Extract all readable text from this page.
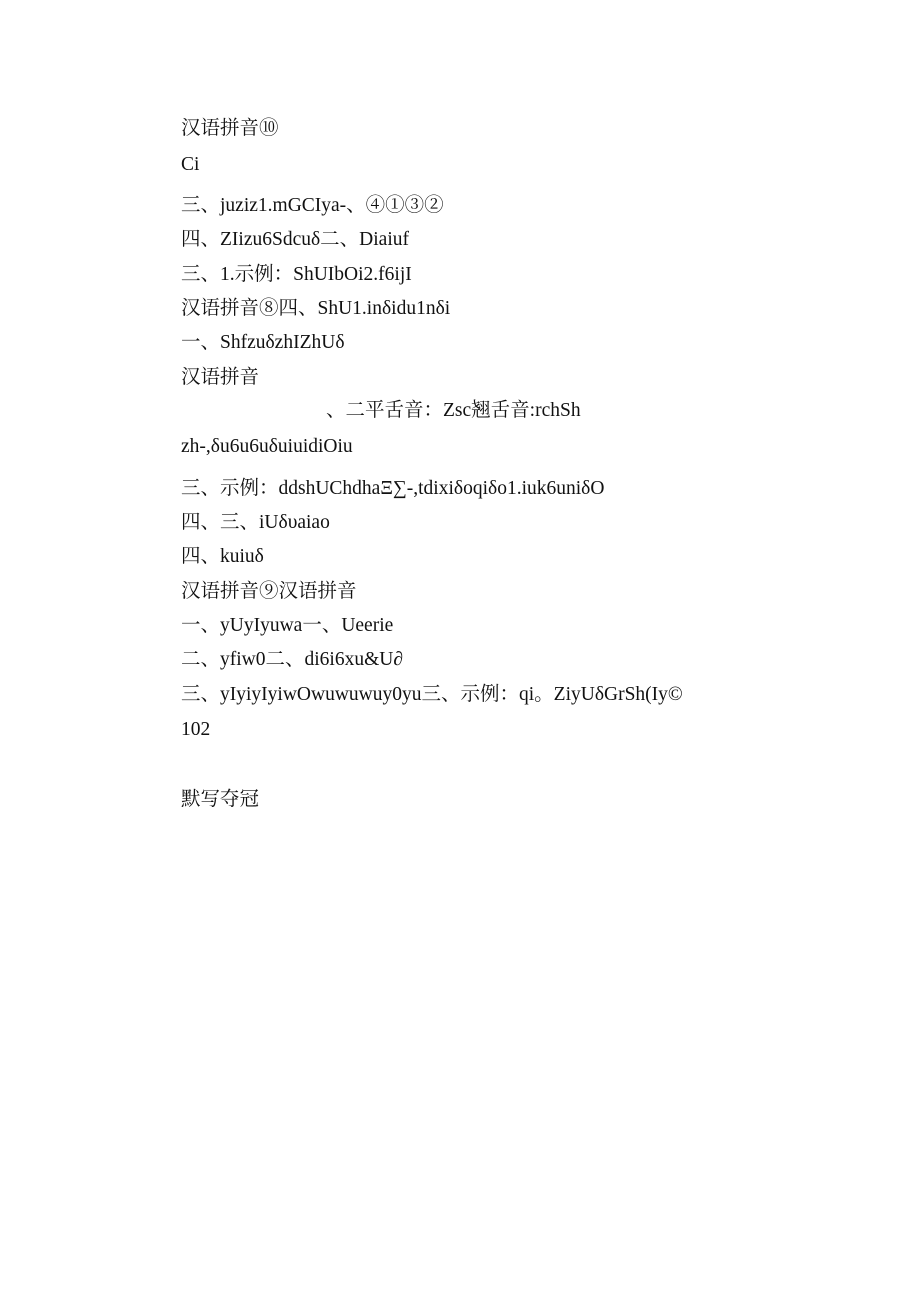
汉语拼音⑩
Ci
三、juziz1.mGCIya-、④①③②
四、ZIizu6Sdcuδ二、Diaiuf
三、1.示例：ShUIbOi2.f6ijI
汉语拼音⑧四、ShU1.inδidu1nδi
一、ShfzuδzhIZhUδ
汉语拼音
、二平舌音：Zsc翘舌音:rchSh
zh-,δu6u6uδuiuidiOiu
三、示例：ddshUChdhaΞ∑-,tdixiδoqiδo1.iuk6uniδO
四、三、iUδυaiao
四、kuiuδ
汉语拼音⑨汉语拼音
一、yUyIyuwa一、Ueerie
二、yfiw0二、di6i6xu&U∂
三、yIyiyIyiwOwuwuwuy0yu三、示例：qi。ZiyUδGrSh(Iy©
102
默写夺冠
